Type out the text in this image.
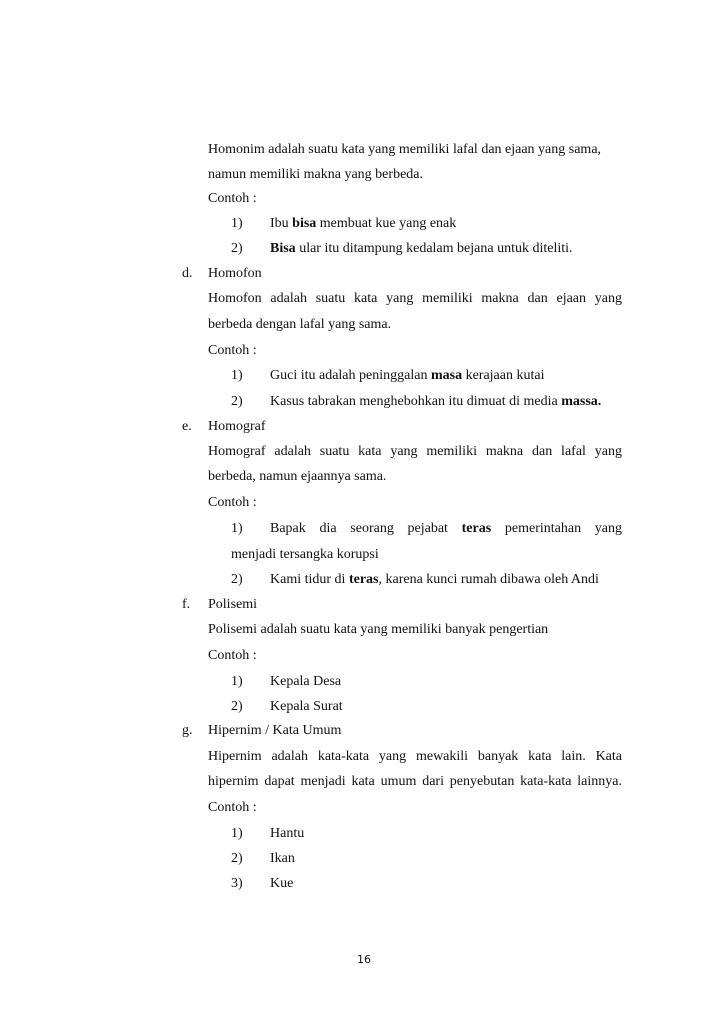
Homonim adalah suatu kata yang memiliki lafal dan ejaan yang sama,
namun memiliki makna yang berbeda.
Contoh :
1) Ibu bisa membuat kue yang enak
2) Bisa ular itu ditampung kedalam bejana untuk diteliti.
d. Homofon
Homofon adalah suatu kata yang memiliki makna dan ejaan yang
berbeda dengan lafal yang sama.
Contoh :
1) Guci itu adalah peninggalan masa kerajaan kutai
2) Kasus tabrakan menghebohkan itu dimuat di media massa.
e. Homograf
Homograf adalah suatu kata yang memiliki makna dan lafal yang
berbeda, namun ejaannya sama.
Contoh :
1) Bapak dia seorang pejabat teras pemerintahan yang
menjadi tersangka korupsi
2) Kami tidur di teras, karena kunci rumah dibawa oleh Andi
f. Polisemi
Polisemi adalah suatu kata yang memiliki banyak pengertian
Contoh :
1) Kepala Desa
2) Kepala Surat
g. Hipernim / Kata Umum
Hipernim adalah kata-kata yang mewakili banyak kata lain. Kata
hipernim dapat menjadi kata umum dari penyebutan kata-kata lainnya.
Contoh :
1) Hantu
2) Ikan
3) Kue
16
